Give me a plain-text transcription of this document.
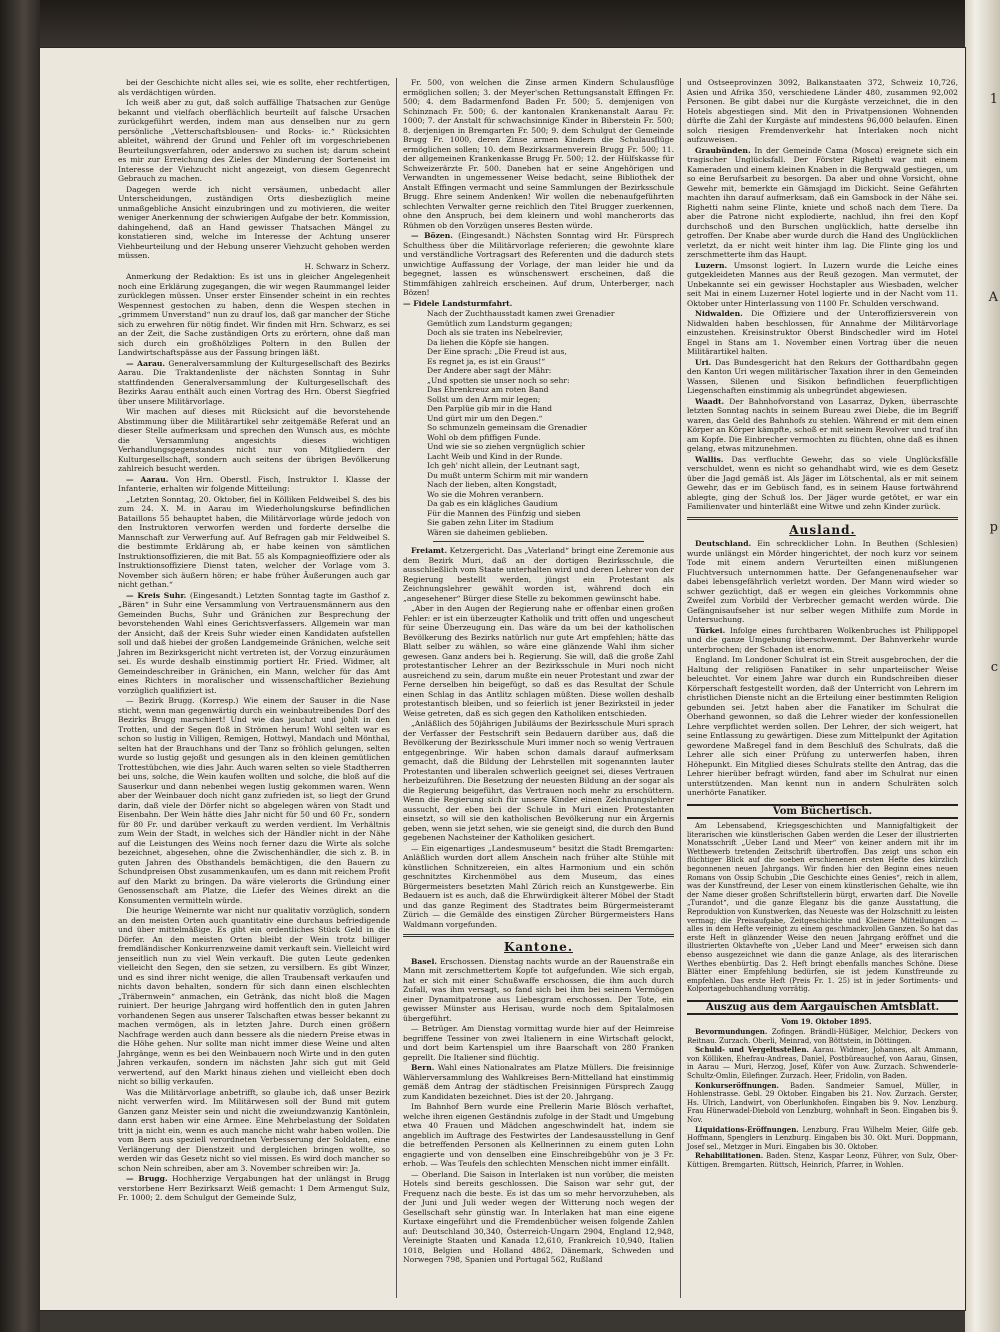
1
A
p
c

bei der Geschichte nicht alles sei, wie es sollte, eher rechtfertigen, als verdächtigen würden.

Ich weiß aber zu gut, daß solch auffällige Thatsachen zur Genüge bekannt und vielfach oberflächlich beurteilt auf falsche Ursachen zurückgeführt werden, indem man aus denselben nur zu gern persönliche „Vetterschaftsblousen- und Rocks- ic.“ Rücksichten ableitet, während der Grund und Fehler oft im vorgeschriebenen Beurteilungsverfahren, oder anderswo zu suchen ist; darum scheint es mir zur Erreichung des Zieles der Minderung der Sorteneist im Interesse der Viehzucht nicht angezeigt, von diesem Gegenrecht Gebrauch zu machen.

Dagegen werde ich nicht versäumen, unbedacht aller Unterscheidungen, zuständigen Orts diesbezüglich meine unmaßgebliche Ansicht einzubringen und zu motivieren, die weiter weniger Anerkennung der schwierigen Aufgabe der betr. Kommission, dahingehend, daß an Hand gewisser Thatsachen Mängel zu konstatieren sind, welche im Interesse der Achtung unserer Viehbeurteilung und der Hebung unserer Viehzucht gehoben werden müssen.

H. Schwarz in Scherz.

Anmerkung der Redaktion: Es ist uns in gleicher Angelegenheit noch eine Erklärung zugegangen, die wir wegen Raummangel leider zurücklegen müssen. Unser erster Einsender scheint in ein rechtes Wespennest gestochen zu haben, denn die Wespen stechen in „grimmem Unverstand“ nun zu drauf los, daß gar mancher der Stiche sich zu erwehren für nötig findet. Wir finden mit Hrn. Schwarz, es sei an der Zeit, die Sache zuständigen Orts zu erörtern, ohne daß man sich durch ein großhölzliges Poltern in den Bullen der Landwirtschaftspässe aus der Fassung bringen läßt.

— Aarau. Generalversammlung der Kulturgesellschaft des Bezirks Aarau. Die Traktandenliste der nächsten Sonntag in Suhr stattfindenden Generalversammlung der Kulturgesellschaft des Bezirks Aarau enthält auch einen Vortrag des Hrn. Oberst Siegfried über unsere Militärvorlage.

Wir machen auf dieses mit Rücksicht auf die bevorstehende Abstimmung über die Militärartikel sehr zeitgemäße Referat und an dieser Stelle aufmerksam und sprechen den Wunsch aus, es möchte die Versammlung angesichts dieses wichtigen Verhandlungsgegenstandes nicht nur von Mitgliedern der Kulturgesellschaft, sondern auch seitens der übrigen Bevölkerung zahlreich besucht werden.

— Aarau. Von Hrn. Oberstl. Fisch, Instruktor I. Klasse der Infanterie, erhalten wir folgende Mitteilung:

„Letzten Sonntag, 20. Oktober, fiel in Kölliken Feldweibel S. des bis zum 24. X. M. in Aarau im Wiederholungskurse befindlichen Bataillons 55 behauptet haben, die Militärvorlage würde jedoch von den Instruktoren verworfen werden und forderte derselbe die Mannschaft zur Verwerfung auf. Auf Befragen gab mir Feldweibel S. die bestimmte Erklärung ab, er habe keinen von sämtlichen Instruktionsoffizieren, die mit Bat. 55 als Kompagnieoffiziere oder als Instruktionsoffiziere Dienst taten, welcher der Vorlage vom 3. November sich äußern hören; er habe früher Äußerungen auch gar nicht gethan.“

— Kreis Suhr. (Eingesandt.) Letzten Sonntag tagte im Gasthof z. „Bären“ in Suhr eine Versammlung von Vertrauensmännern aus den Gemeinden Buchs, Suhr und Gränichen zur Besprechung der bevorstehenden Wahl eines Gerichtsverfassers. Allgemein war man der Ansicht, daß der Kreis Suhr wieder einen Kandidaten aufstellen soll und daß hiebei der großen Landgemeinde Gränichen, welche seit Jahren im Bezirksgericht nicht vertreten ist, der Vorzug einzuräumen sei. Es wurde deshalb einstimmig portiert Hr. Fried. Widmer, alt Gemeindeschreiber in Gränichen, ein Mann, welcher für das Amt eines Richters in moralischer und wissenschaftlicher Beziehung vorzüglich qualifiziert ist.

— Bezirk Brugg. (Korresp.) Wie einem der Sauser in die Nase sticht, wenn man gegenwärtig durch ein weinbautreibendes Dorf des Bezirks Brugg marschiert! Und wie das jauchzt und johlt in den Trotten, und der Segen floß in Strömen herum! Wohl selten war es schon so lustig in Villigen, Remigen, Hottwyl, Mandach und Mönthal, selten hat der Brauchhans und der Tanz so fröhlich gelungen, selten wurde so lustig gejoßt und gesungen als in den kleinen gemütlichen Trottestübchen, wie dies Jahr. Auch waren selten so viele Stadtherren bei uns, solche, die Wein kaufen wollten und solche, die bloß auf die Sauserkur und dann nebenbei wegen lustig gekommen waren. Wenn aber der Weinbauer doch nicht ganz zufrieden ist, so liegt der Grund darin, daß viele der Dörfer nicht so abgelegen wären von Stadt und Eisenbahn. Der Wein hätte dies Jahr nicht für 50 und 60 Fr., sondern für 80 Fr. und darüber verkauft zu werden verdient. Im Verhältnis zum Wein der Stadt, in welches sich der Händler nicht in der Nähe auf die Leistungen des Weins noch ferner dazu die Wirte als solche bezeichnet, abgesehen, ohne die Zwischenhändler, die sich z. B. in guten Jahren des Obsthandels bemächtigen, die den Bauern zu Schundpreisen Obst zusammenkaufen, um es dann mit reichem Profit auf den Markt zu bringen. Da wäre vielerorts die Gründung einer Genossenschaft am Platze, die Liefer des Weines direkt an die Konsumenten vermitteln würde.

Die heurige Weinernte war nicht nur qualitativ vorzüglich, sondern an den meisten Orten auch quantitativ eine durchaus befriedigende und über mittelmäßige. Es gibt ein ordentliches Stück Geld in die Dörfer. An den meisten Orten bleibt der Wein trotz billiger fremdländischer Konkurrenzweine damit verkauft sein. Vielleicht wird jenseitlich nun zu viel Wein verkauft. Die guten Leute gedenken vielleicht den Segen, den sie setzen, zu versilbern. Es gibt Winzer, und es sind ihrer nicht wenige, die allen Traubensaft verkaufen und nichts davon behalten, sondern für sich dann einen elschlechten „Träbernwein“ anmachen, ein Getränk, das nicht bloß die Magen ruiniert. Der heurige Jahrgang wird hoffentlich den in guten Jahren vorhandenen Segen aus unserer Talschaften etwas besser bekannt zu machen vermögen, als in letzten Jahre. Durch einen größern Nachfrage werden auch dann bessere als die niedern Preise etwas in die Höhe gehen. Nur sollte man nicht immer diese Weine und alten Jahrgänge, wenn es bei den Weinbauern noch Wirte und in den guten Jahren verkaufen, sondern im nächsten Jahr sich gut mit Geld verwertend, auf den Markt hinaus ziehen und vielleicht eben doch nicht so billig verkaufen.

Was die Militärvorlage anbetrifft, so glaube ich, daß unser Bezirk nicht verwerfen wird. Im Militärwesen soll der Bund mit gutem Ganzen ganz Meister sein und nicht die zweiundzwanzig Kantönlein, dann erst haben wir eine Armee. Eine Mehrbelastung der Soldaten tritt ja nicht ein, wenn es auch manche nicht wahr haben wollen. Die vom Bern aus speziell verordneten Verbesserung der Soldaten, eine Verlängerung der Dienstzeit und dergleichen bringen wollte, so werden wir das Gesetz nicht so viel missen. Es wird doch mancher so schon Nein schreiben, aber am 3. November schreiben wir: Ja.

— Brugg. Hochherzige Vergabungen hat der unlängst in Brugg verstorbene Herr Bezirksarzt Weiß gemacht: 1 Dem Armengut Sulz, Fr. 1000; 2. dem Schulgut der Gemeinde Sulz,

Fr. 500, von welchen die Zinse armen Kindern Schulausflüge ermöglichen sollen; 3. der Meyer'schen Rettungsanstalt Effingen Fr. 500; 4. dem Badarmenfond Baden Fr. 500; 5. demjenigen von Schinznach Fr. 500; 6. der kantonalen Krankenanstalt Aarau Fr. 1000; 7. der Anstalt für schwachsinnige Kinder in Biberstein Fr. 500; 8. derjenigen in Bremgarten Fr. 500; 9. dem Schulgut der Gemeinde Brugg Fr. 1000, deren Zinse armen Kindern die Schulausflüge ermöglichen sollen; 10. dem Bezirksarmenverein Brugg Fr. 500; 11. der allgemeinen Krankenkasse Brugg Fr. 500; 12. der Hülfskasse für Schweizerärzte Fr. 500. Daneben hat er seine Angehörigen und Verwandten in ungemessener Weise bedacht, seine Bibliothek der Anstalt Effingen vermacht und seine Sammlungen der Bezirksschule Brugg. Ehre seinem Andenken! Wir wollen die nebenaufgeführten schlechten Verwalter gerne reichlich den Titel Brugger zuerkennen, ohne den Anspruch, bei dem kleinern und wohl mancherorts das Rühmen ob den Vorzügen unseres Besten würde.

— Bözen. (Eingesandt.) Nächsten Sonntag wird Hr. Fürsprech Schulthess über die Militärvorlage referieren; die gewohnte klare und verständliche Vortragsart des Referenten und die dadurch stets unwichtige Auffassung der Vorlage, der man leider hie und da begegnet, lassen es wünschenswert erscheinen, daß die Stimmfähigen zahlreich erscheinen. Auf drum, Unterberger, nach Bözen!

— Fidele Landsturmfahrt.

Nach der Zuchthausstadt kamen zwei Grenadier

Gemütlich zum Landsturm gegangen;

Doch als sie traten ins Nebelrevier,

Da liehen die Köpfe sie hangen.

Der Eine sprach: „Die Freud ist aus,

Es regnet ja, es ist ein Graus!“

Der Andere aber sagt der Mähr:

„Und spotten sie unser noch so sehr:

Das Ehrenkreuz am roten Band

Sollst um den Arm mir legen;

Den Parplüe gib mir in die Hand

Und gürt mir um den Degen.“

So schmunzeln gemeinsam die Grenadier

Wohl ob dem pfiffigen Funde.

Und wie sie so ziehen vergnüglich schier

Lacht Weib und Kind in der Runde.

Ich geh' nicht allein, der Leutnant sagt,

Du mußt unterm Schirm mit mir wandern

Nach der lieben, alten Kongstadt,

Wo sie die Mohren veranbern.

Da gab es ein klägliches Gaudium

Für die Mannen des Fünfzig und sieben

Sie gaben zehn Liter im Stadium

Wären sie daheimen geblieben.

Freiamt. Ketzergericht. Das „Vaterland“ bringt eine Zeremonie aus dem Bezirk Muri, daß an der dortigen Bezirksschule, die ausschließlich vom Staate unterhalten wird und deren Lehrer von der Regierung bestellt werden, jüngst ein Protestant als Zeichnungslehrer gewählt worden ist, während doch ein „angesehener“ Bürger diese Stelle zu bekommen gewünscht habe.

„Aber in den Augen der Regierung nahe er offenbar einen großen Fehler: er ist ein überzeugter Katholik und tritt offen und ungescheut für seine Überzeugung ein. Das wäre da um bei der katholischen Bevölkerung des Bezirks natürlich nur gute Art empfehlen; hätte das Blatt selber zu wählen, so wäre eine glänzende Wahl ihm sicher gewesen. Ganz anders bei h. Regierung. Sie will, daß die große Zahl protestantischer Lehrer an der Bezirksschule in Muri noch nicht ausreichend zu sein, darum mußte ein neuer Protestant und zwar der Ferne derselben hin beigefügt, so daß es das Resultat der Schule einen Schlag in das Antlitz schlagen müßten. Diese wollen deshalb protestantisch bleiben, und so feierlich ist jener Bezirksteil in jeder Weise getreten, daß es sich gegen den Katholiken entschieden.

„Anläßlich des 50jährigen Jubiläums der Bezirksschule Muri sprach der Verfasser der Festschrift sein Bedauern darüber aus, daß die Bevölkerung der Bezirksschule Muri immer noch so wenig Vertrauen entgegenbringe. Wir haben schon damals darauf aufmerksam gemacht, daß die Bildung der Lehrstellen mit sogenannten lauter Protestanten und liberalen schwerlich geeignet sei, dieses Vertrauen herbeizuführen. Die Besetzung der neuesten Bildung an der sogar als die Regierung beigeführt, das Vertrauen noch mehr zu erschüttern. Wenn die Regierung sich für unsere Kinder einen Zeichnungslehrer aussucht, der eben bei der Schule in Muri einen Protestanten einsetzt, so will sie den katholischen Bevölkerung nur ein Ärgernis geben, wenn sie jetzt sehen, wie sie geneigt sind, die durch den Bund gegebenen Nachsteiner der Katholiken gesichert.

— Ein eigenartiges „Landesmuseum“ besitzt die Stadt Bremgarten: Anläßlich wurden dort allem Anschein nach früher alte Stühle mit künstlichen Schnitzereien, ein altes Harmonium und ein schön geschnitztes Kirchenmöbel aus dem Museum, das eines Bürgermeisters besetzten Mahl Zürich reich an Kunstgewerbe. Ein Bedauern ist es auch, daß die Ehrwürdigkeit älterer Möbel der Stadt und das ganze Regiment des Stadtrates beim Bürgermeisteramt Zürich — die Gemälde des einstigen Zürcher Bürgermeisters Hans Waldmann vorgefunden.

Kantone.

Basel. Erschossen. Dienstag nachts wurde an der Rauenstraße ein Mann mit zerschmettertem Kopfe tot aufgefunden. Wie sich ergab, hat er sich mit einer Schußwaffe erschossen, die ihm auch durch Zufall, was ihm versagt, so fand sich bei ihm bei seinem Vermögen einer Dynamitpatrone aus Liebesgram erschossen. Der Tote, ein gewisser Münster aus Herisau, wurde noch dem Spitalalmosen übergeführt.

— Betrüger. Am Dienstag vormittag wurde hier auf der Heimreise begriffene Tessiner von zwei Italienern in eine Wirtschaft gelockt, und dort beim Kartenspiel um ihre Baarschaft von 280 Franken geprellt. Die Italiener sind flüchtig.

Bern. Wahl eines Nationalrates am Platze Müllers. Die freisinnige Wählerversammlung des Wahlkreises Bern-Mittelland hat einstimmig gemäß dem Antrag der städtischen Freisinnigen Fürsprech Zaugg zum Kandidaten bezeichnet. Dies ist der 20. Jahrgang.

Im Bahnhof Bern wurde eine Prellerin Marie Blösch verhaftet, welche ihren eigenen Geständnis zufolge in der Stadt und Umgebung etwa 40 Frauen und Mädchen angeschwindelt hat, indem sie angeblich im Auftrage des Festwirtes der Landesausstellung in Genf die betreffenden Personen als Kellnerinnen zu einem guten Lohn engagierte und von denselben eine Einschreibgebühr von je 3 Fr. erhob. — Was Teufels den schlechten Menschen nicht immer einfällt.

— Oberland. Die Saison in Interlaken ist nun vorüber, die meisten Hotels sind bereits geschlossen. Die Saison war sehr gut, der Frequenz nach die beste. Es ist das um so mehr hervorzuheben, als der Juni und Juli weder wegen der Witterung noch wegen der Gesellschaft sehr günstig war. In Interlaken hat man eine eigene Kurtaxe eingeführt und die Fremdenbücher weisen folgende Zahlen auf: Deutschland 30,340, Österreich-Ungarn 2904, England 12,948, Vereinigte Staaten und Kanada 12,610, Frankreich 10,940, Italien 1018, Belgien und Holland 4862, Dänemark, Schweden und Norwegen 798, Spanien und Portugal 562, Rußland

und Ostseeprovinzen 3092, Balkanstaaten 372, Schweiz 10,726, Asien und Afrika 350, verschiedene Länder 480, zusammen 92,002 Personen. Be gibt dabei nur die Kurgäste verzeichnet, die in den Hotels abgestiegen sind. Mit den in Privatpensionen Wohnenden dürfte die Zahl der Kurgäste auf mindestens 96,000 belaufen. Einen solch riesigen Fremdenverkehr hat Interlaken noch nicht aufzuweisen.

Graubünden. In der Gemeinde Cama (Mosca) ereignete sich ein tragischer Unglücksfall. Der Förster Righetti war mit einem Kameraden und einem kleinen Knaben in die Bergwald gestiegen, um so eine Berufsarbeit zu besorgen. Da aber und ohne Vorsicht, ohne Gewehr mit, bemerkte ein Gämsjagd im Dickicht. Seine Gefährten machten ihn darauf aufmerksam, daß ein Gamsbock in der Nähe sei. Righetti nahm seine Flinte, kniete und schoß nach dem Tiere. Da aber die Patrone nicht explodierte, nachlud, ihn frei den Kopf durchschoß und den Burschen unglücklich, hatte derselbe ihn getroffen. Der Knabe aber wurde durch die Hand des Unglücklichen verletzt, da er nicht weit hinter ihm lag. Die Flinte ging los und zerschmetterte ihm das Haupt.

Luzern. Umsonst logiert. In Luzern wurde die Leiche eines gutgekleideten Mannes aus der Reuß gezogen. Man vermutet, der Unbekannte sei ein gewisser Hochstapler aus Wiesbaden, welcher seit Mai in einem Luzerner Hotel logierte und in der Nacht vom 11. Oktober unter Hinterlassung von 1100 Fr. Schulden verschwand.

Nidwalden. Die Offiziere und der Unteroffiziersverein von Nidwalden haben beschlossen, für Annahme der Militärvorlage einzustehen. Kreisinstruktor Oberst Bindschedler wird im Hotel Engel in Stans am 1. November einen Vortrag über die neuen Militärartikel halten.

Uri. Das Bundesgericht hat den Rekurs der Gotthardbahn gegen den Kanton Uri wegen militärischer Taxation ihrer in den Gemeinden Wassen, Silenen und Sisikon befindlichen feuerpflichtigen Liegenschaften einstimmig als unbegründet abgewiesen.

Waadt. Der Bahnhofvorstand von Lasarraz, Dyken, überraschte letzten Sonntag nachts in seinem Bureau zwei Diebe, die im Begriff waren, das Geld des Bahnhofs zu stehlen. Während er mit dem einen Körper an Körper kämpfte, schoß er mit seinem Revolver und traf ihn am Kopfe. Die Einbrecher vermochten zu flüchten, ohne daß es ihnen gelang, etwas mitzunehmen.

Wallis. Das verfluchte Gewehr, das so viele Unglücksfälle verschuldet, wenn es nicht so gehandhabt wird, wie es dem Gesetz über die Jagd gemäß ist. Als Jäger im Lötschental, als er mit seinem Gewehr, das er im Gebüsch fand, es in seinem Hause fortwährend ablegte, ging der Schuß los. Der Jäger wurde getötet, er war ein Familienvater und hinterläßt eine Witwe und zehn Kinder zurück.

Ausland.

Deutschland. Ein schrecklicher Lohn. In Beuthen (Schlesien) wurde unlängst ein Mörder hingerichtet, der noch kurz vor seinem Tode mit einem andern Verurteilten einen mißlungenen Fluchtversuch unternommen hatte. Der Gefangenenaufseher war dabei lebensgefährlich verletzt worden. Der Mann wird wieder so schwer gezüchtigt, daß er wegen ein gleiches Vorkommnis ohne Zweifel zum Vorbild der Verbrecher gemacht werden würde. Die Gefängnisaufseher ist nur selber wegen Mithilfe zum Morde in Untersuchung.

Türkei. Infolge eines furchtbaren Wolkenbruches ist Philippopel und die ganze Umgebung überschwemmt. Der Bahnverkehr wurde unterbrochen; der Schaden ist enorm.

England. Im Londoner Schulrat ist ein Streit ausgebrochen, der die Haltung der religiösen Fanatiker in sehr unparteiischer Weise beleuchtet. Vor einem Jahre war durch ein Rundschreiben dieser Körperschaft festgestellt worden, daß der Unterricht von Lehrern im christlichen Dienste nicht an die Erteilung einer bestimmten Religion gebunden sei. Jetzt haben aber die Fanatiker im Schulrat die Oberhand gewonnen, so daß die Lehrer wieder der konfessionellen Lehre verpflichtet werden sollen. Der Lehrer, der sich weigert, hat seine Entlassung zu gewärtigen. Diese zum Mittelpunkt der Agitation gewordene Maßregel fand in dem Beschluß des Schulrats, daß die Lehrer alle sich einer Prüfung zu unterwerfen haben, ihren Höhepunkt. Ein Mitglied dieses Schulrats stellte den Antrag, das die Lehrer hierüber befragt würden, fand aber im Schulrat nur einen unterstützenden. Man kennt nun in andern Schulräten solch unerhörte Fanatiker.

Vom Büchertisch.

Am Lebensabend, Kriegsgeschichten und Mannigfaltigkeit der literarischen wie künstlerischen Gaben werden die Leser der illustrierten Monatsschrift „Ueber Land und Meer“ von keiner andern mit ihr im Wettbewerb tretenden Zeitschrift übertroffen. Das zeigt uns schon ein flüchtiger Blick auf die soeben erschienenen ersten Hefte des kürzlich begonnenen neuen Jahrgangs. Wir finden hier den Beginn eines neuen Romans von Ossip Schubin „Die Geschichte eines Genies“, reich in allem, was der Kunstfreund, der Leser von einem künstlerischen Gehalte, wie ihn der Name dieser großen Schriftstellerin bürgt, erwarten darf. Die Novelle „Turandot“, und die ganze Eleganz bis die ganze Ausstattung, die Reproduktion von Kunstwerken, das Neueste was der Holzschnitt zu leisten vermag; die Preisaufgabe, Zeitgeschichte und Kleinere Mitteilungen — alles in dem Hefte vereinigt zu einem geschmackvollen Ganzen. So hat das erste Heft in glänzender Weise den neuen Jahrgang eröffnet und die illustrierten Oktavhefte von „Ueber Land und Meer“ erweisen sich dann ebenso ausgezeichnet wie dann die ganze Anlage, als des literarischen Werthes ebenbürtig. Das 2. Heft bringt ebenfalls manches Schöne. Diese Blätter einer Empfehlung bedürfen, sie ist jedem Kunstfreunde zu empfehlen. Das erste Heft (Preis Fr. 1. 25) ist in jeder Sortiments- und Kolportagebuchhandlung vorrätig.

Auszug aus dem Aargauischen Amtsblatt.

Vom 19. Oktober 1895.

Bevormundungen. Zofingen. Brändli-Hüßiger, Melchior, Deckers von Reitnau. Zurzach. Oberli, Meinrad, von Böttstein, in Döttingen.

Schuld- und Vergeltsstellen. Aarau. Widmer, Johannes, alt Ammann, von Kölliken, Ehefrau-Andreas, Daniel, Postbüreauchef, von Aarau, Ginsen, in Aarau — Muri, Herzog, Josef, Küfer von Auw. Zurzach. Schwenderle-Schultz-Omlin, Eilefinger. Zurzach. Heer, Fridolin, von Baden.

Konkurseröffnungen. Baden. Sandmeier Samuel, Müller, in Hohlenstrasse. Gebl. 29 Oktober. Eingaben bis 21. Nov. Zurzach. Gerster, Hs. Ulrich, Landwirt, von Oberlunkhofen. Eingaben bis 9. Nov. Lenzburg. Frau Hünerwadel-Diebold von Lenzburg, wohnhaft in Seon. Eingaben bis 9. Nov.

Liquidations-Eröffnungen. Lenzburg. Frau Wilhelm Meier, Gilfe geb. Hoffmann, Spenglers in Lenzburg. Eingaben bis 30. Okt. Muri. Doppmann, Josef sel., Metzger in Muri. Eingaben bis 30. Oktober.

Rehabilitationen. Baden. Stenz, Kaspar Leonz, Führer, von Sulz, Ober-Küttigen. Bremgarten. Rüttsch, Heinrich, Pfarrer, in Wohlen.
